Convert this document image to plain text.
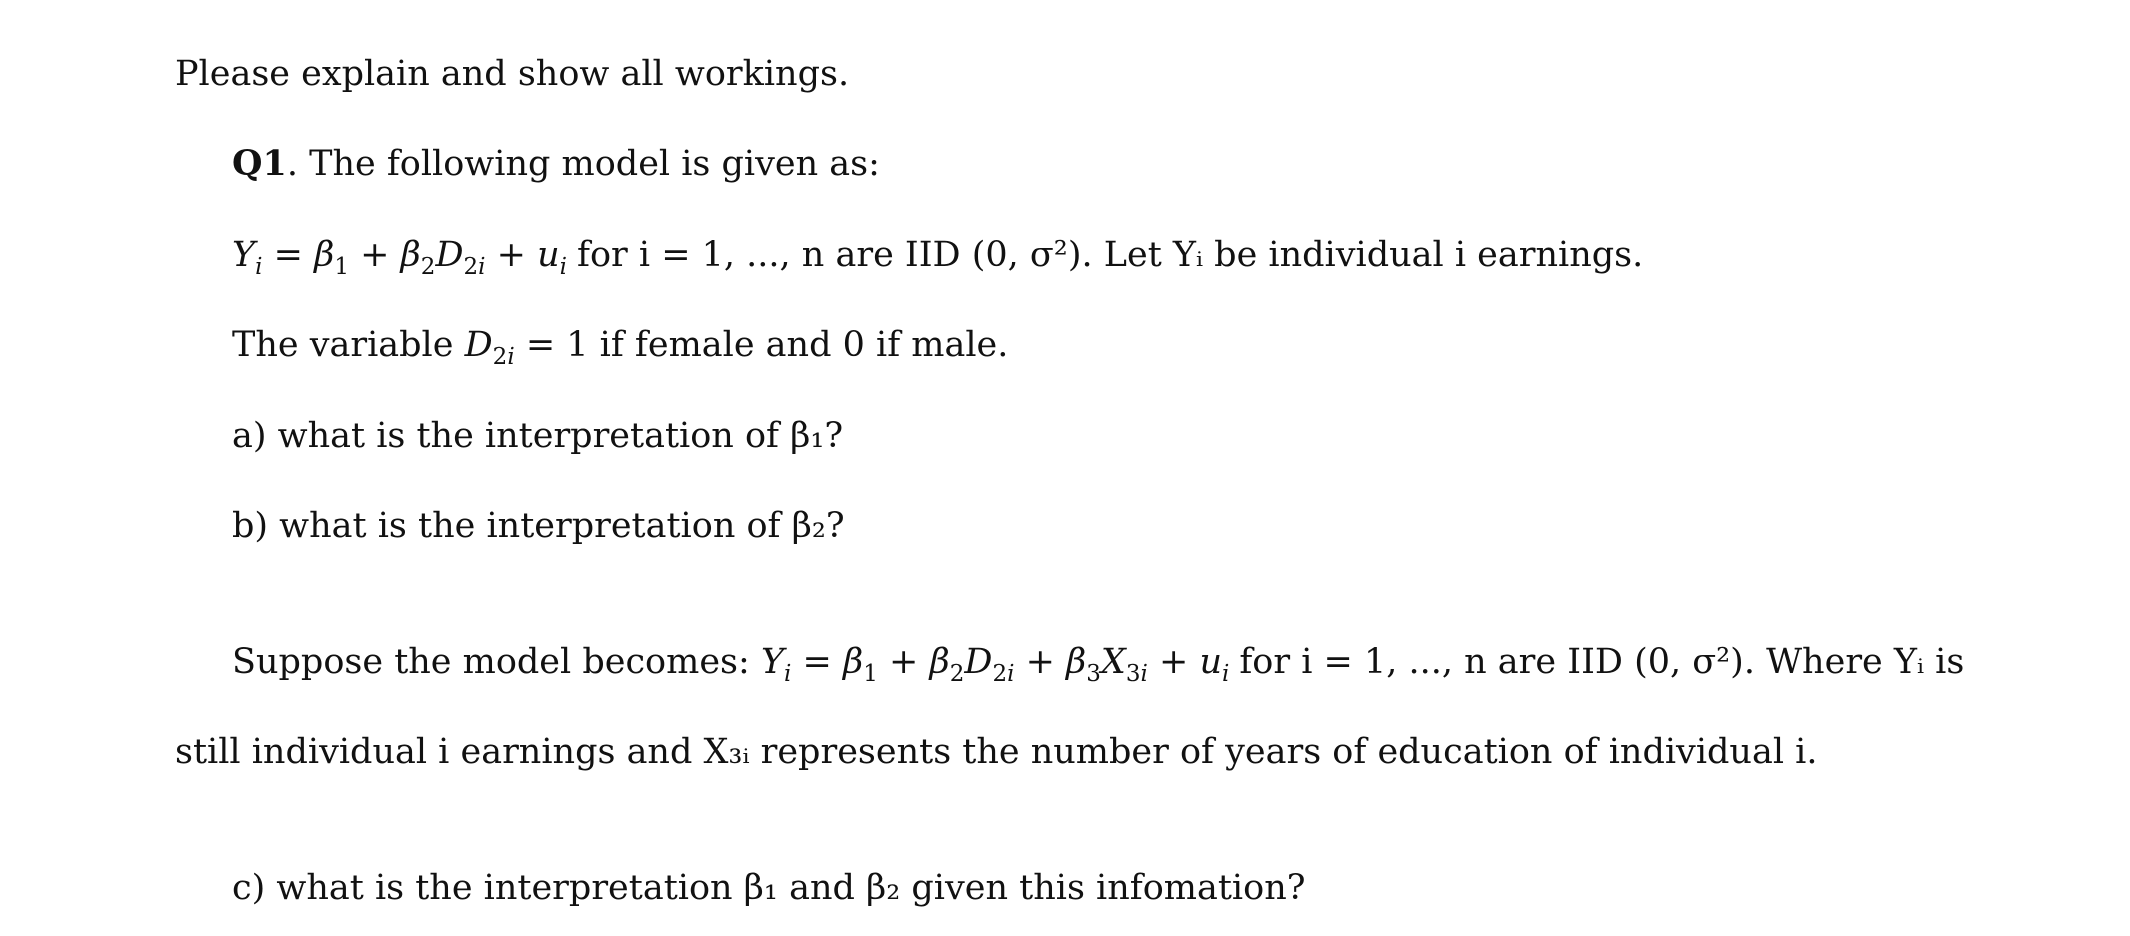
Please explain and show all workings.
Q1. The following model is given as:
$Y_i = \beta_1 + \beta_2D_{2i} + u_i$ for i = 1, ..., n are IID (0, σ²). Let Yᵢ be individual i earnings.
The variable $D_{2i} = 1$ if female and 0 if male.
a) what is the interpretation of β₁?
b) what is the interpretation of β₂?
Suppose the model becomes: $Y_i = \beta_1 + \beta_2D_{2i} + \beta_3X_{3i} + u_i$ for i = 1, ..., n are IID (0, σ²). Where Yᵢ is
still individual i earnings and X₃ᵢ represents the number of years of education of individual i.
c) what is the interpretation β₁ and β₂ given this infomation?
